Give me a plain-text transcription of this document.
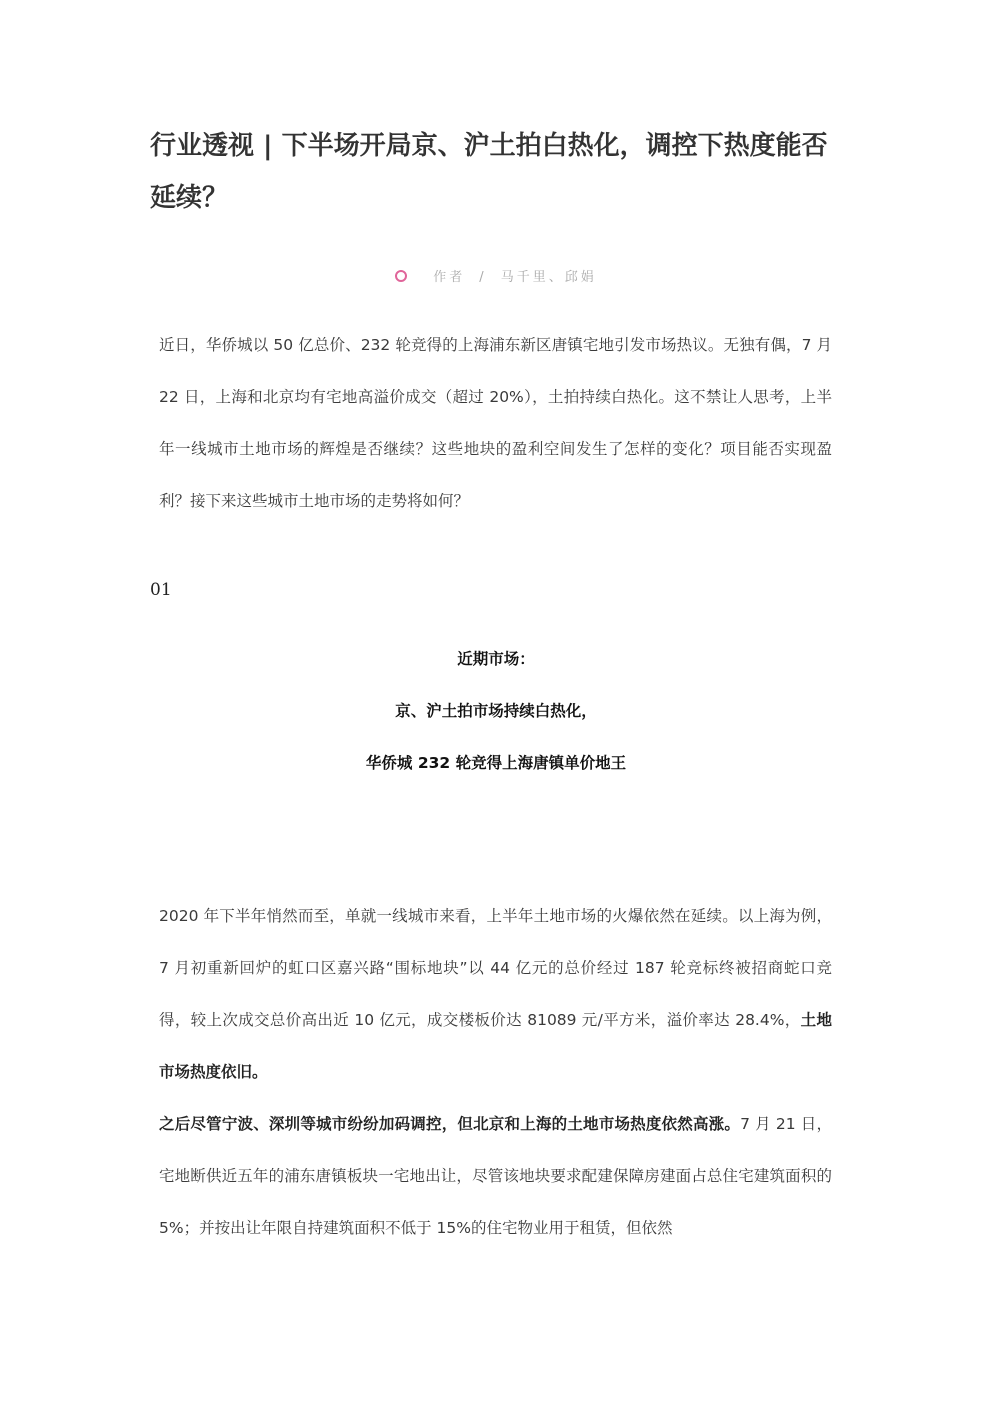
行业透视 | 下半场开局京、沪土拍白热化，调控下热度能否延续？
作者 / 马千里、邱娟

近日，华侨城以 50 亿总价、232 轮竞得的上海浦东新区唐镇宅地引发市场热议。无独有偶，7 月 22 日，上海和北京均有宅地高溢价成交（超过 20%），土拍持续白热化。这不禁让人思考，上半年一线城市土地市场的辉煌是否继续？这些地块的盈利空间发生了怎样的变化？项目能否实现盈利？接下来这些城市土地市场的走势将如何？

01
近期市场：
京、沪土拍市场持续白热化，
华侨城 232 轮竞得上海唐镇单价地王

2020 年下半年悄然而至，单就一线城市来看，上半年土地市场的火爆依然在延续。以上海为例，7 月初重新回炉的虹口区嘉兴路“围标地块”以 44 亿元的总价经过 187 轮竞标终被招商蛇口竞得，较上次成交总价高出近 10 亿元，成交楼板价达 81089 元/平方米，溢价率达 28.4%，土地市场热度依旧。

之后尽管宁波、深圳等城市纷纷加码调控，但北京和上海的土地市场热度依然高涨。7 月 21 日，宅地断供近五年的浦东唐镇板块一宅地出让，尽管该地块要求配建保障房建面占总住宅建筑面积的 5%；并按出让年限自持建筑面积不低于 15%的住宅物业用于租赁，但依然
